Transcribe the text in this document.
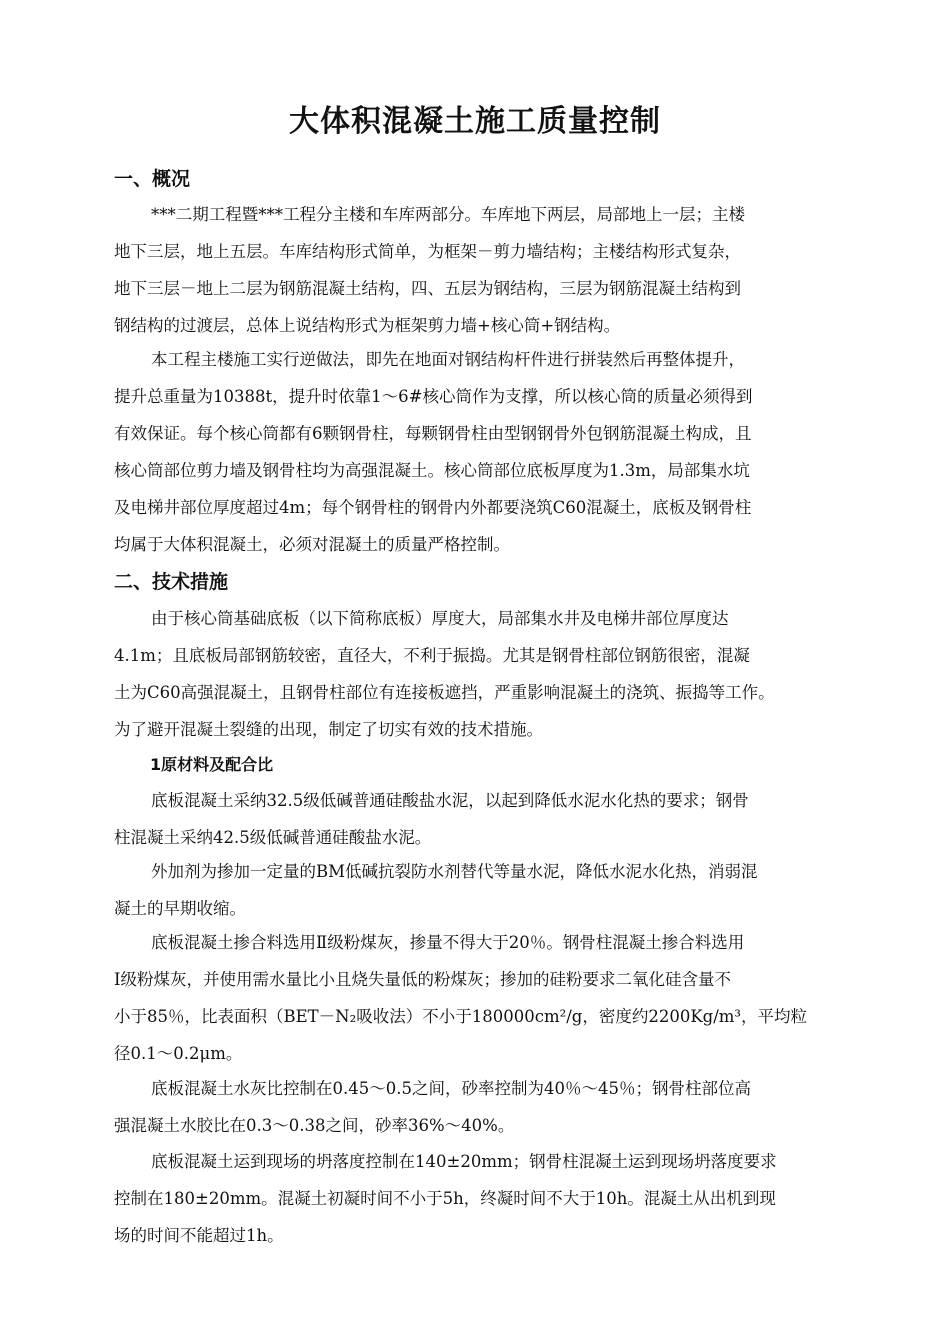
大体积混凝土施工质量控制
一、概况
***二期工程暨***工程分主楼和车库两部分。车库地下两层，局部地上一层；主楼
地下三层，地上五层。车库结构形式简单，为框架－剪力墙结构；主楼结构形式复杂，
地下三层－地上二层为钢筋混凝土结构，四、五层为钢结构，三层为钢筋混凝土结构到
钢结构的过渡层，总体上说结构形式为框架剪力墙+核心筒+钢结构。
本工程主楼施工实行逆做法，即先在地面对钢结构杆件进行拼装然后再整体提升，
提升总重量为10388t，提升时依靠1～6#核心筒作为支撑，所以核心筒的质量必须得到
有效保证。每个核心筒都有6颗钢骨柱，每颗钢骨柱由型钢钢骨外包钢筋混凝土构成，且
核心筒部位剪力墙及钢骨柱均为高强混凝土。核心筒部位底板厚度为1.3m，局部集水坑
及电梯井部位厚度超过4m；每个钢骨柱的钢骨内外都要浇筑C60混凝土，底板及钢骨柱
均属于大体积混凝土，必须对混凝土的质量严格控制。
二、技术措施
由于核心筒基础底板（以下简称底板）厚度大，局部集水井及电梯井部位厚度达
4.1m；且底板局部钢筋较密，直径大，不利于振捣。尤其是钢骨柱部位钢筋很密，混凝
土为C60高强混凝土，且钢骨柱部位有连接板遮挡，严重影响混凝土的浇筑、振捣等工作。
为了避开混凝土裂缝的出现，制定了切实有效的技术措施。
1原材料及配合比
底板混凝土采纳32.5级低碱普通硅酸盐水泥，以起到降低水泥水化热的要求；钢骨
柱混凝土采纳42.5级低碱普通硅酸盐水泥。
外加剂为掺加一定量的BM低碱抗裂防水剂替代等量水泥，降低水泥水化热，消弱混
凝土的早期收缩。
底板混凝土掺合料选用Ⅱ级粉煤灰，掺量不得大于20％。钢骨柱混凝土掺合料选用
Ⅰ级粉煤灰，并使用需水量比小且烧失量低的粉煤灰；掺加的硅粉要求二氧化硅含量不
小于85％，比表面积（BET－N₂吸收法）不小于180000cm²/g，密度约2200Kg/m³，平均粒
径0.1～0.2μm。
底板混凝土水灰比控制在0.45～0.5之间，砂率控制为40％～45％；钢骨柱部位高
强混凝土水胶比在0.3～0.38之间，砂率36%～40%。
底板混凝土运到现场的坍落度控制在140±20mm；钢骨柱混凝土运到现场坍落度要求
控制在180±20mm。混凝土初凝时间不小于5h，终凝时间不大于10h。混凝土从出机到现
场的时间不能超过1h。
